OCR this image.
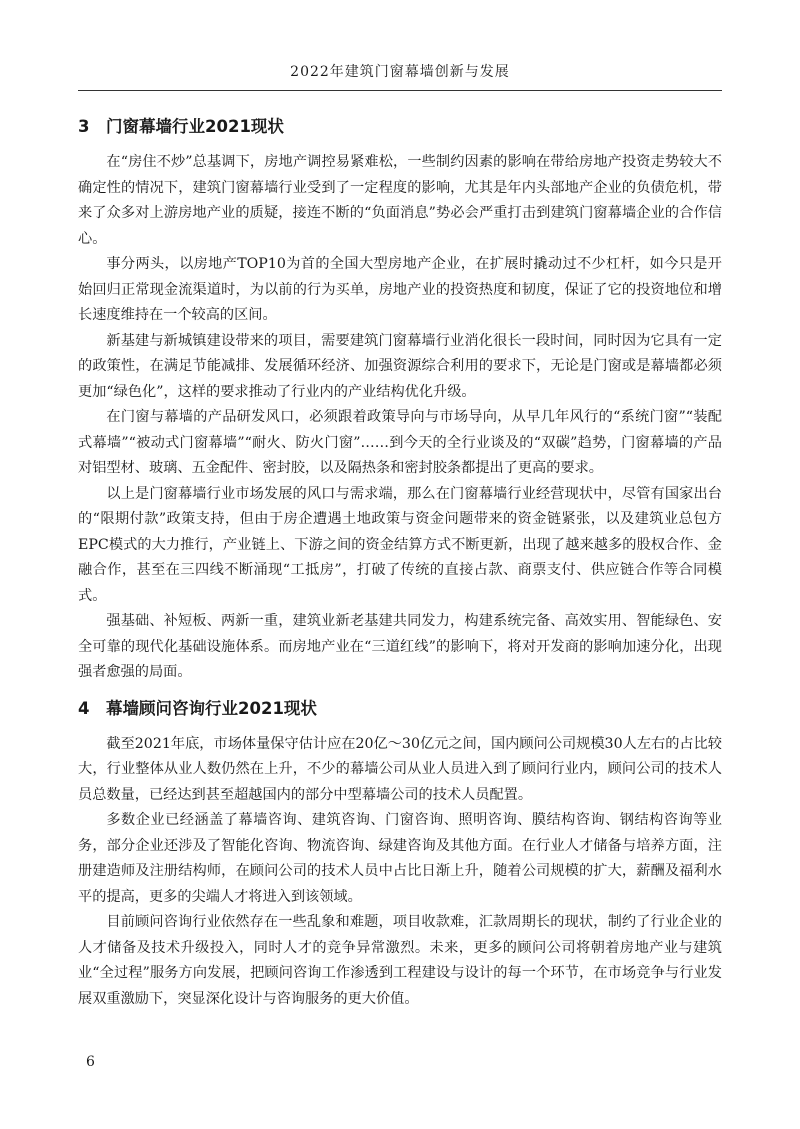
2022年建筑门窗幕墙创新与发展
3 门窗幕墙行业2021现状

在“房住不炒”总基调下，房地产调控易紧难松，一些制约因素的影响在带给房地产投资走势较大不确定性的情况下，建筑门窗幕墙行业受到了一定程度的影响，尤其是年内头部地产企业的负债危机，带来了众多对上游房地产业的质疑，接连不断的“负面消息”势必会严重打击到建筑门窗幕墙企业的合作信心。

事分两头，以房地产TOP10为首的全国大型房地产企业，在扩展时撬动过不少杠杆，如今只是开始回归正常现金流渠道时，为以前的行为买单，房地产业的投资热度和韧度，保证了它的投资地位和增长速度维持在一个较高的区间。

新基建与新城镇建设带来的项目，需要建筑门窗幕墙行业消化很长一段时间，同时因为它具有一定的政策性，在满足节能减排、发展循环经济、加强资源综合利用的要求下，无论是门窗或是幕墙都必须更加“绿色化”，这样的要求推动了行业内的产业结构优化升级。

在门窗与幕墙的产品研发风口，必须跟着政策导向与市场导向，从早几年风行的“系统门窗”“装配式幕墙”“被动式门窗幕墙”“耐火、防火门窗”……到今天的全行业谈及的“双碳”趋势，门窗幕墙的产品对铝型材、玻璃、五金配件、密封胶，以及隔热条和密封胶条都提出了更高的要求。

以上是门窗幕墙行业市场发展的风口与需求端，那么在门窗幕墙行业经营现状中，尽管有国家出台的“限期付款”政策支持，但由于房企遭遇土地政策与资金问题带来的资金链紧张，以及建筑业总包方EPC模式的大力推行，产业链上、下游之间的资金结算方式不断更新，出现了越来越多的股权合作、金融合作，甚至在三四线不断涌现“工抵房”，打破了传统的直接占款、商票支付、供应链合作等合同模式。

强基础、补短板、两新一重，建筑业新老基建共同发力，构建系统完备、高效实用、智能绿色、安全可靠的现代化基础设施体系。而房地产业在“三道红线”的影响下，将对开发商的影响加速分化，出现强者愈强的局面。

4 幕墙顾问咨询行业2021现状

截至2021年底，市场体量保守估计应在20亿～30亿元之间，国内顾问公司规模30人左右的占比较大，行业整体从业人数仍然在上升，不少的幕墙公司从业人员进入到了顾问行业内，顾问公司的技术人员总数量，已经达到甚至超越国内的部分中型幕墙公司的技术人员配置。

多数企业已经涵盖了幕墙咨询、建筑咨询、门窗咨询、照明咨询、膜结构咨询、钢结构咨询等业务，部分企业还涉及了智能化咨询、物流咨询、绿建咨询及其他方面。在行业人才储备与培养方面，注册建造师及注册结构师，在顾问公司的技术人员中占比日渐上升，随着公司规模的扩大，薪酬及福利水平的提高，更多的尖端人才将进入到该领域。

目前顾问咨询行业依然存在一些乱象和难题，项目收款难，汇款周期长的现状，制约了行业企业的人才储备及技术升级投入，同时人才的竞争异常激烈。未来，更多的顾问公司将朝着房地产业与建筑业“全过程”服务方向发展，把顾问咨询工作渗透到工程建设与设计的每一个环节，在市场竞争与行业发展双重激励下，突显深化设计与咨询服务的更大价值。

6
